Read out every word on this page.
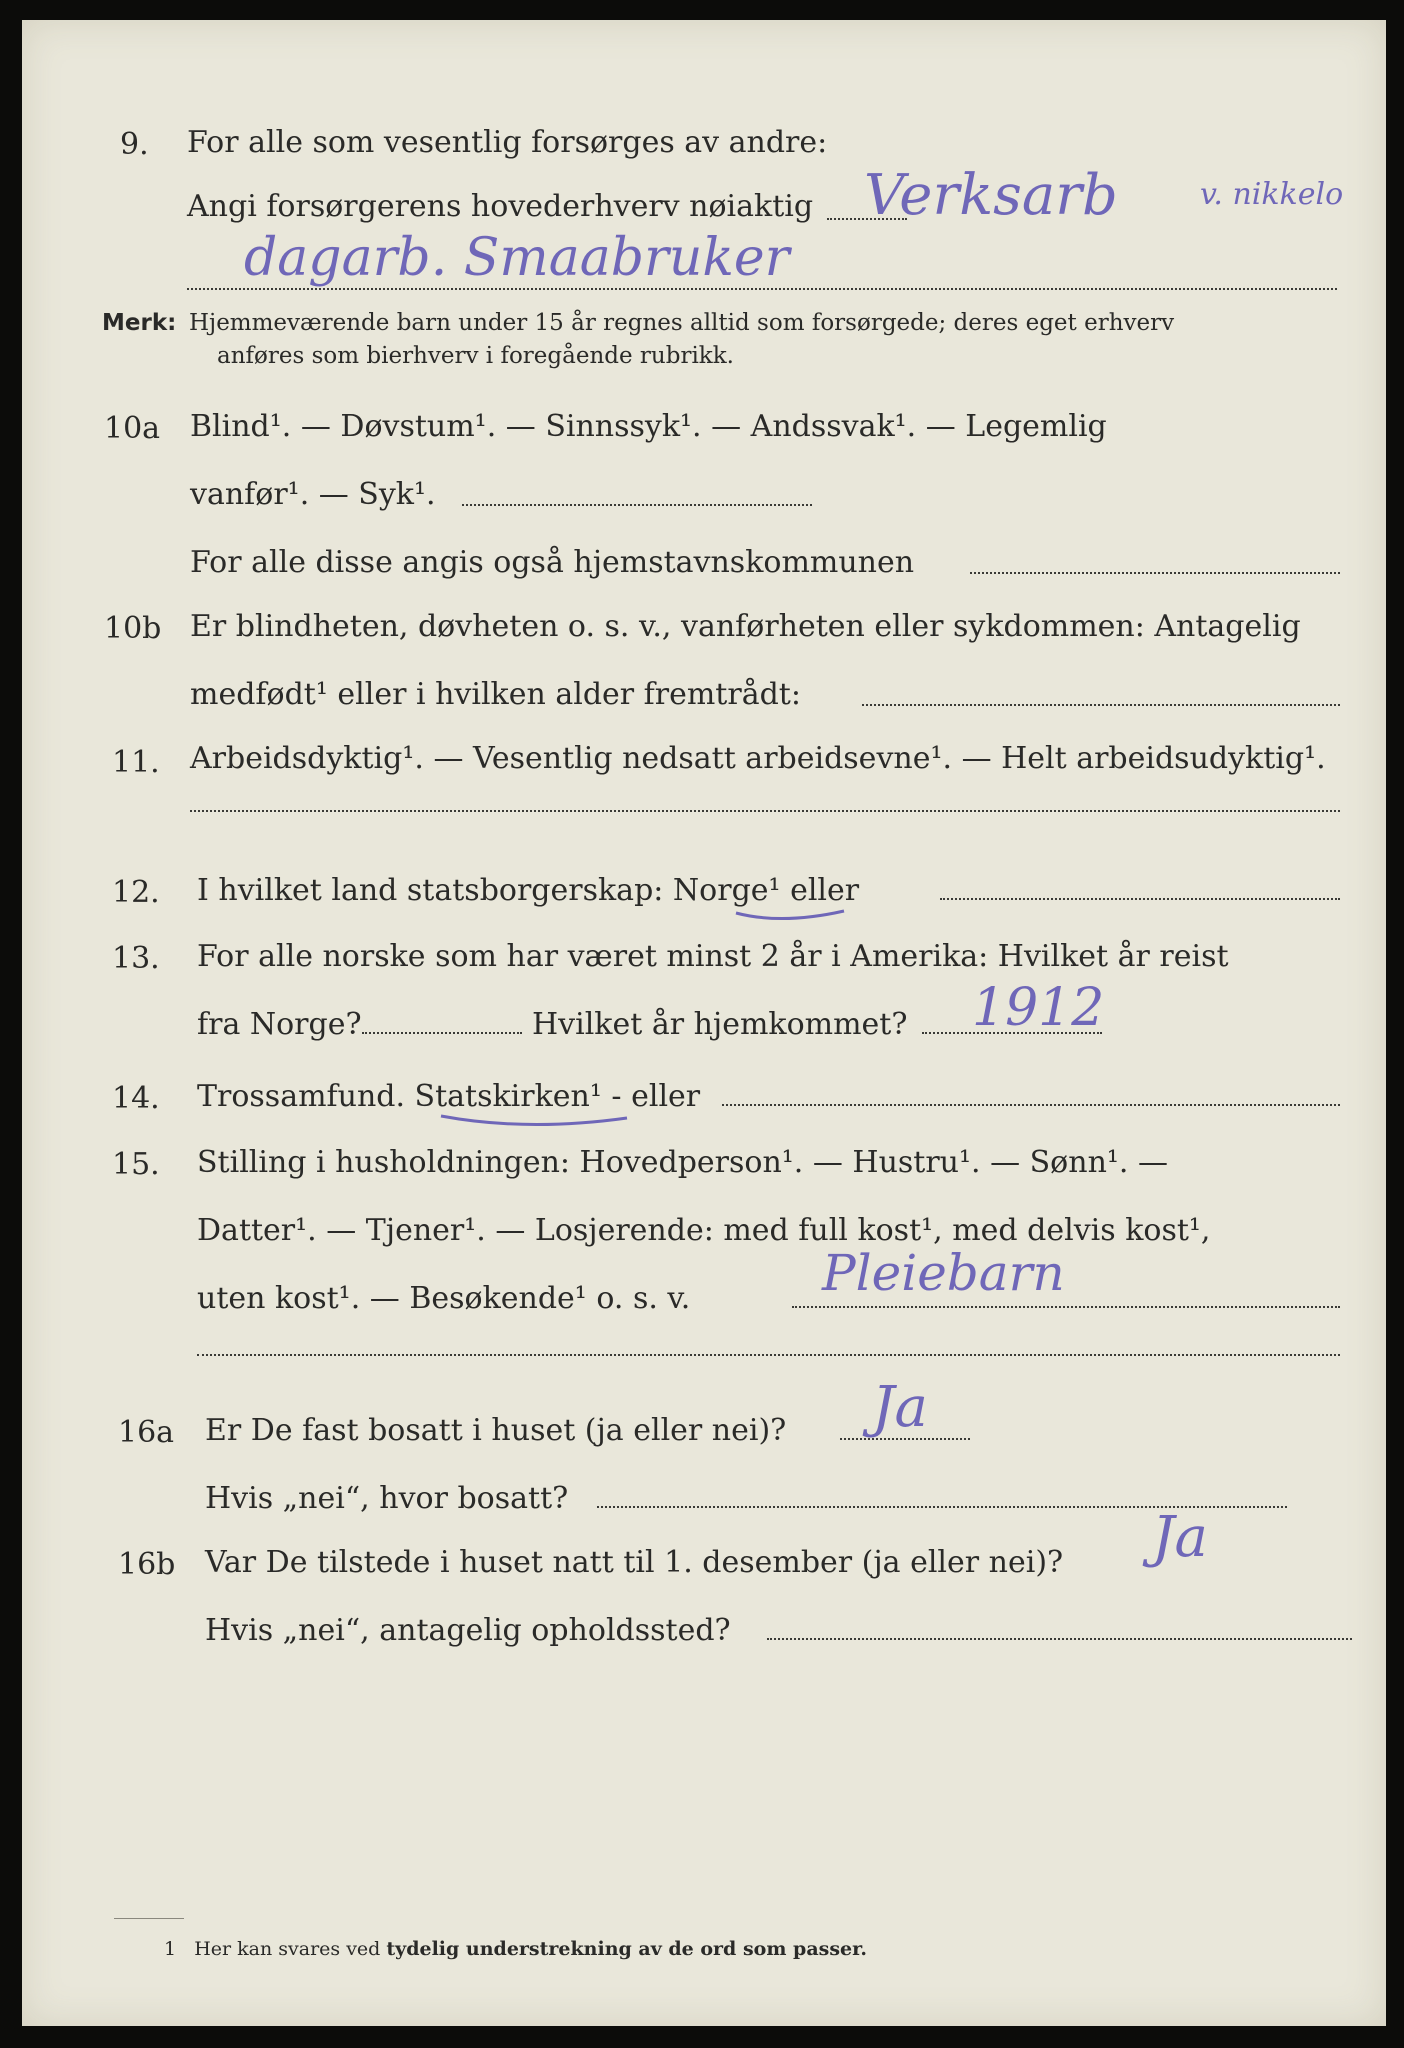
9. For alle som vesentlig forsørges av andre:
Angi forsørgerens hovederhverv nøiaktig Verksarb	v. nikkelo
dagarb. Smaabruker
Merk: Hjemmeværende barn under 15 år regnes alltid som forsørgede; deres eget erhverv
anføres som bierhverv i foregående rubrikk.
10a Blind¹. — Døvstum¹. — Sinnssyk¹. — Andssvak¹. — Legemlig
vanfør¹. — Syk¹.
For alle disse angis også hjemstavnskommunen
10b Er blindheten, døvheten o. s. v., vanførheten eller sykdommen: Antagelig
medfødt¹ eller i hvilken alder fremtrådt:
11. Arbeidsdyktig¹. — Vesentlig nedsatt arbeidsevne¹. — Helt arbeidsudyktig¹.
12. I hvilket land statsborgerskap: Norge¹ eller
13. For alle norske som har været minst 2 år i Amerika: Hvilket år reist
fra Norge?	Hvilket år hjemkommet? 1912
14. Trossamfund. Statskirken¹ - eller
15. Stilling i husholdningen: Hovedperson¹. — Hustru¹. — Sønn¹. —
Datter¹. — Tjener¹. — Losjerende: med full kost¹, med delvis kost¹,
uten kost¹. — Besøkende¹ o. s. v.	Pleiebarn
16a Er De fast bosatt i huset (ja eller nei)? Ja
Hvis „nei“, hvor bosatt?
16b Var De tilstede i huset natt til 1. desember (ja eller nei)? Ja
Hvis „nei“, antagelig opholdssted?
1 Her kan svares ved tydelig understrekning av de ord som passer.
